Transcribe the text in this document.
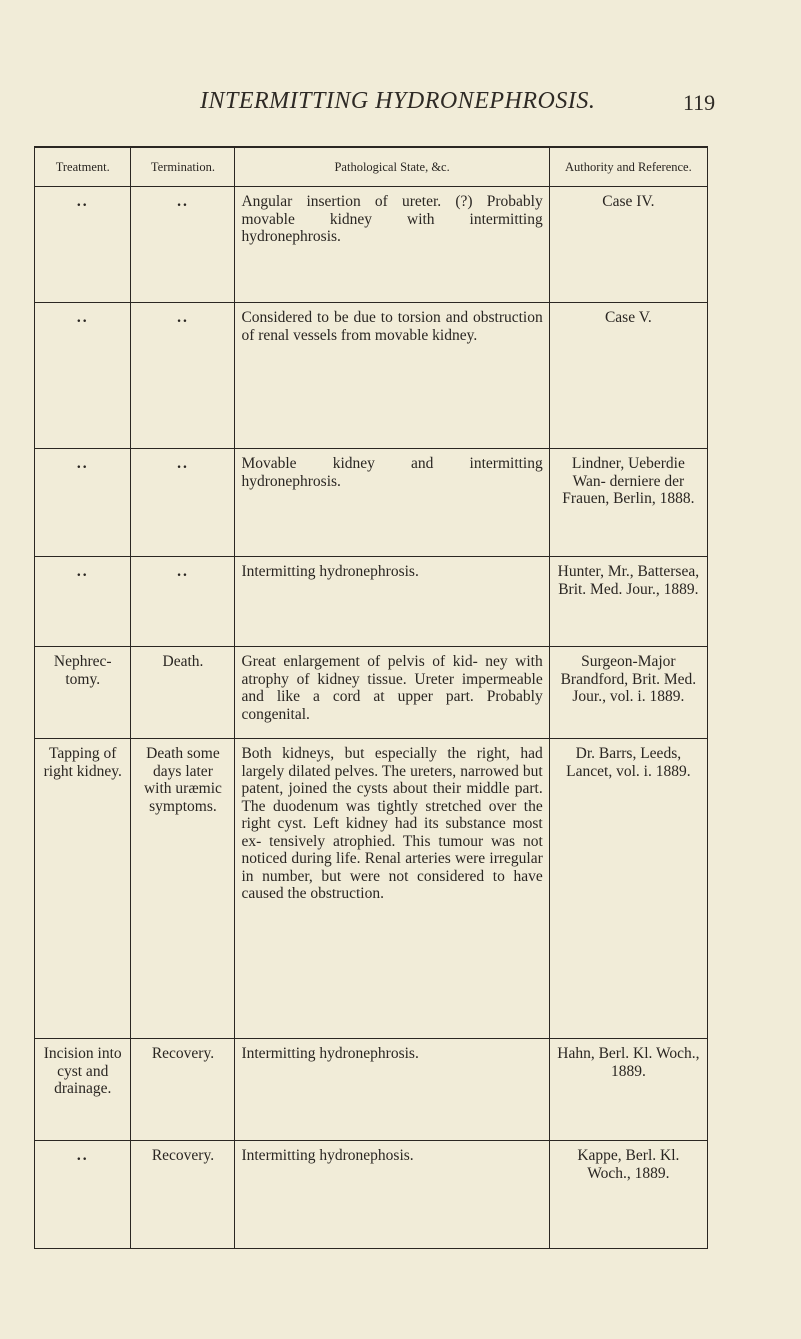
INTERMITTING HYDRONEPHROSIS.	119
Treatment.	Termination.	Pathological State, &c.	Authority and Reference.
..	..	Angular insertion of ureter. (?) Probably movable kidney with intermitting hydronephrosis.	Case IV.
..	..	Considered to be due to torsion and obstruction of renal vessels from movable kidney.	Case V.
..	..	Movable kidney and intermitting hydronephrosis.	Lindner, Ueberdie Wan- derniere der Frauen, Berlin, 1888.
..	..	Intermitting hydronephrosis.	Hunter, Mr., Battersea, Brit. Med. Jour., 1889.
Nephrec- tomy.	Death.	Great enlargement of pelvis of kid- ney with atrophy of kidney tissue. Ureter impermeable and like a cord at upper part. Probably congenital.	Surgeon-Major Brandford, Brit. Med. Jour., vol. i. 1889.
Tapping of right kidney.	Death some days later with uræmic symptoms.	Both kidneys, but especially the right, had largely dilated pelves. The ureters, narrowed but patent, joined the cysts about their middle part. The duodenum was tightly stretched over the right cyst. Left kidney had its substance most ex- tensively atrophied. This tumour was not noticed during life. Renal arteries were irregular in number, but were not considered to have caused the obstruction.	Dr. Barrs, Leeds, Lancet, vol. i. 1889.
Incision into cyst and drainage.	Recovery.	Intermitting hydronephrosis.	Hahn, Berl. Kl. Woch., 1889.
..	Recovery.	Intermitting hydronephosis.	Kappe, Berl. Kl. Woch., 1889.
